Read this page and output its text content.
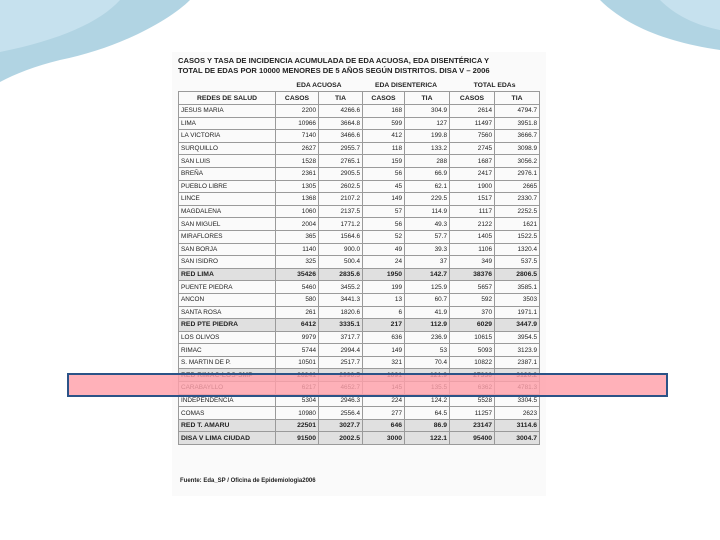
CASOS Y TASA DE INCIDENCIA ACUMULADA DE EDA ACUOSA, EDA DISENTÉRICA Y
TOTAL DE EDAS POR 10000 MENORES DE 5 AÑOS SEGÚN DISTRITOS. DISA V – 2006
	EDA ACUOSA		EDA DISENTERICA		TOTAL EDAs	
REDES DE SALUD	CASOS	TIA	CASOS	TIA	CASOS	TIA
JESUS MARIA	2200	4266.6	168	304.9	2614	4794.7
LIMA	10966	3664.8	599	127	11497	3951.8
LA VICTORIA	7140	3466.6	412	199.8	7560	3666.7
SURQUILLO	2627	2955.7	118	133.2	2745	3098.9
SAN LUIS	1528	2765.1	159	288	1687	3056.2
BREÑA	2361	2905.5	56	66.9	2417	2976.1
PUEBLO LIBRE	1305	2602.5	45	62.1	1900	2665
LINCE	1368	2107.2	149	229.5	1517	2330.7
MAGDALENA	1060	2137.5	57	114.9	1117	2252.5
SAN MIGUEL	2004	1771.2	56	49.3	2122	1621
MIRAFLORES	365	1564.6	52	57.7	1405	1522.5
SAN BORJA	1140	900.0	49	39.3	1106	1320.4
SAN ISIDRO	325	500.4	24	37	349	537.5
RED LIMA	35426	2835.6	1950	142.7	38376	2806.5
PUENTE PIEDRA	5460	3455.2	199	125.9	5657	3585.1
ANCON	580	3441.3	13	60.7	592	3503
SANTA ROSA	261	1820.6	6	41.9	370	1971.1
RED PTE PIEDRA	6412	3335.1	217	112.9	6029	3447.9
LOS OLIVOS	9979	3717.7	636	236.9	10615	3954.5
RIMAC	5744	2994.4	149	53	5093	3123.9
S. MARTIN DE P.	10501	2517.7	321	70.4	10822	2387.1

INDEPENDENCIA	5304	2946.3	224	124.2	5528	3304.5
COMAS	10980	2556.4	277	64.5	11257	2623
RED T. AMARU	22501	3027.7	646	86.9	23147	3114.6
DISA V LIMA CIUDAD	91500	2002.5	3000	122.1	95400	3004.7
Fuente: Eda_SP / Oficina de Epidemiologia2006
